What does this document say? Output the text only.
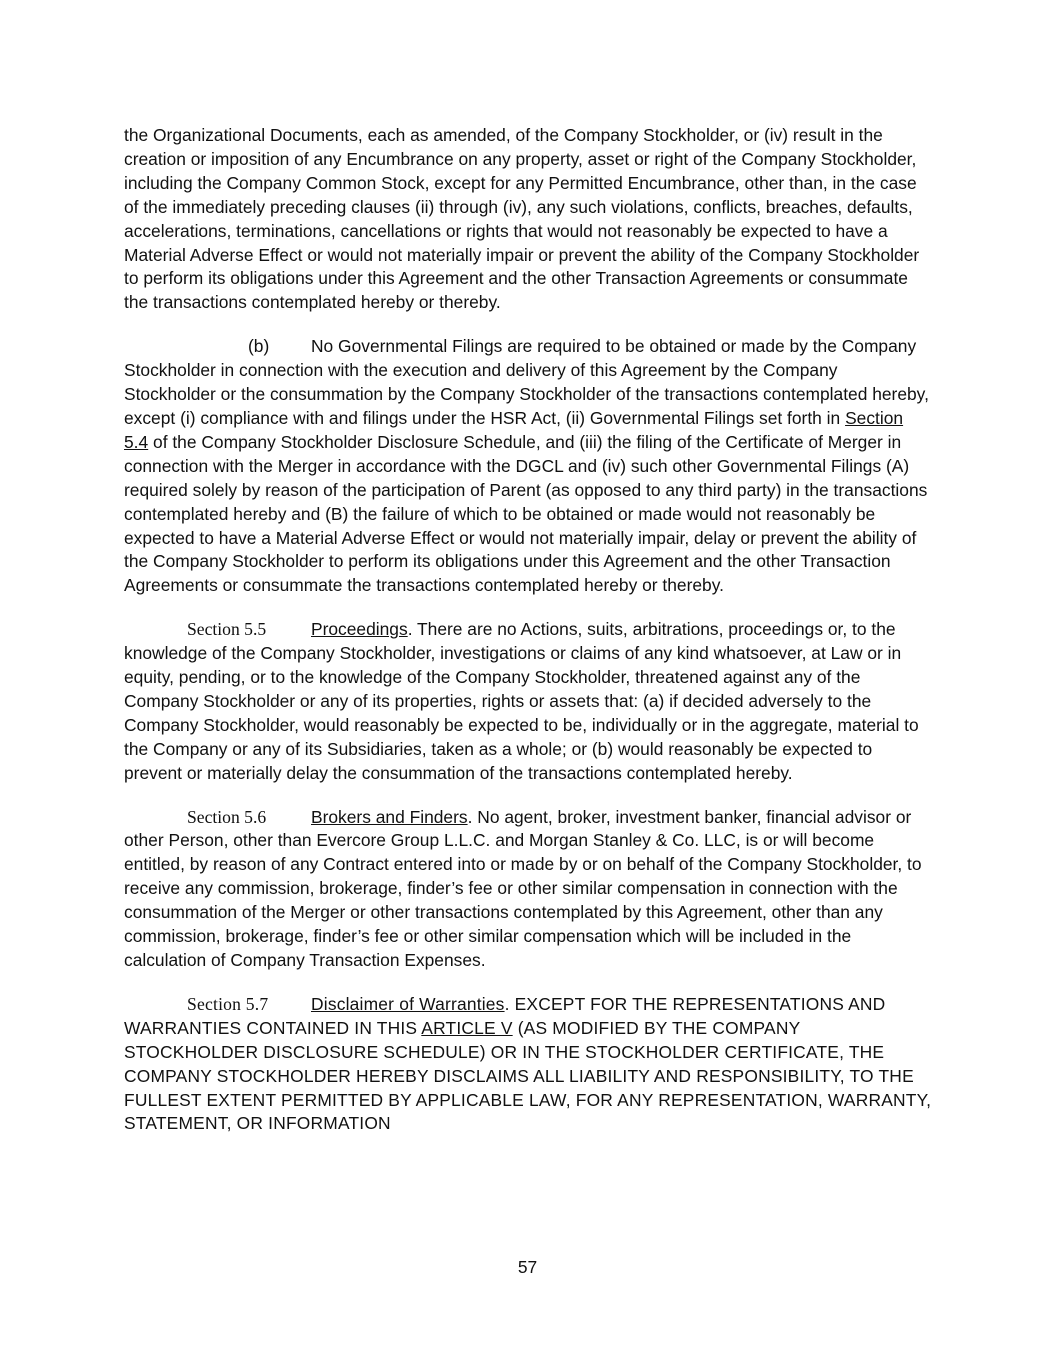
the Organizational Documents, each as amended, of the Company Stockholder, or (iv) result in the creation or imposition of any Encumbrance on any property, asset or right of the Company Stockholder, including the Company Common Stock, except for any Permitted Encumbrance, other than, in the case of the immediately preceding clauses (ii) through (iv), any such violations, conflicts, breaches, defaults, accelerations, terminations, cancellations or rights that would not reasonably be expected to have a Material Adverse Effect or would not materially impair or prevent the ability of the Company Stockholder to perform its obligations under this Agreement and the other Transaction Agreements or consummate the transactions contemplated hereby or thereby.

(b) No Governmental Filings are required to be obtained or made by the Company Stockholder in connection with the execution and delivery of this Agreement by the Company Stockholder or the consummation by the Company Stockholder of the transactions contemplated hereby, except (i) compliance with and filings under the HSR Act, (ii) Governmental Filings set forth in Section 5.4 of the Company Stockholder Disclosure Schedule, and (iii) the filing of the Certificate of Merger in connection with the Merger in accordance with the DGCL and (iv) such other Governmental Filings (A) required solely by reason of the participation of Parent (as opposed to any third party) in the transactions contemplated hereby and (B) the failure of which to be obtained or made would not reasonably be expected to have a Material Adverse Effect or would not materially impair, delay or prevent the ability of the Company Stockholder to perform its obligations under this Agreement and the other Transaction Agreements or consummate the transactions contemplated hereby or thereby.

Section 5.5	Proceedings. There are no Actions, suits, arbitrations, proceedings or, to the knowledge of the Company Stockholder, investigations or claims of any kind whatsoever, at Law or in equity, pending, or to the knowledge of the Company Stockholder, threatened against any of the Company Stockholder or any of its properties, rights or assets that: (a) if decided adversely to the Company Stockholder, would reasonably be expected to be, individually or in the aggregate, material to the Company or any of its Subsidiaries, taken as a whole; or (b) would reasonably be expected to prevent or materially delay the consummation of the transactions contemplated hereby.

Section 5.6	Brokers and Finders. No agent, broker, investment banker, financial advisor or other Person, other than Evercore Group L.L.C. and Morgan Stanley & Co. LLC, is or will become entitled, by reason of any Contract entered into or made by or on behalf of the Company Stockholder, to receive any commission, brokerage, finder’s fee or other similar compensation in connection with the consummation of the Merger or other transactions contemplated by this Agreement, other than any commission, brokerage, finder’s fee or other similar compensation which will be included in the calculation of Company Transaction Expenses.

Section 5.7 Disclaimer of Warranties. EXCEPT FOR THE REPRESENTATIONS AND WARRANTIES CONTAINED IN THIS ARTICLE V (AS MODIFIED BY THE COMPANY STOCKHOLDER DISCLOSURE SCHEDULE) OR IN THE STOCKHOLDER CERTIFICATE, THE COMPANY STOCKHOLDER HEREBY DISCLAIMS ALL LIABILITY AND RESPONSIBILITY, TO THE FULLEST EXTENT PERMITTED BY APPLICABLE LAW, FOR ANY REPRESENTATION, WARRANTY, STATEMENT, OR INFORMATION

57
